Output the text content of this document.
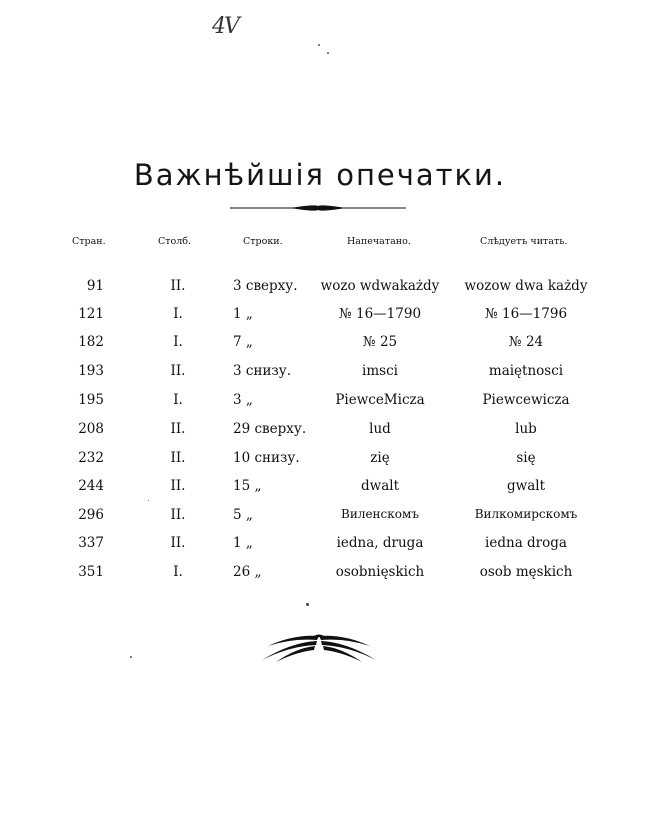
4V
Важнѣйшія опечатки.
Стран.	Столб.	Строки.	Напечатано.	Слѣдуетъ читать.
91	II.	3 сверху.	wozo wdwakażdy	wozow dwa każdy
121	I.	1 „	№ 16—1790	№ 16—1796
182	I.	7 „	№ 25	№ 24
193	II.	3 снизу.	imsci	maiętnosci
195	I.	3 „	PiewceMicza	Piewcewicza
208	II.	29 сверху.	lud	lub
232	II.	10 снизу.	zię	się
244	II.	15 „	dwalt	gwalt
296	II.	5 „	Виленскомъ	Вилкомирскомъ
337	II.	1 „	iedna, druga	iedna droga
351	I.	26 „	osobnięskich	osob męskich
